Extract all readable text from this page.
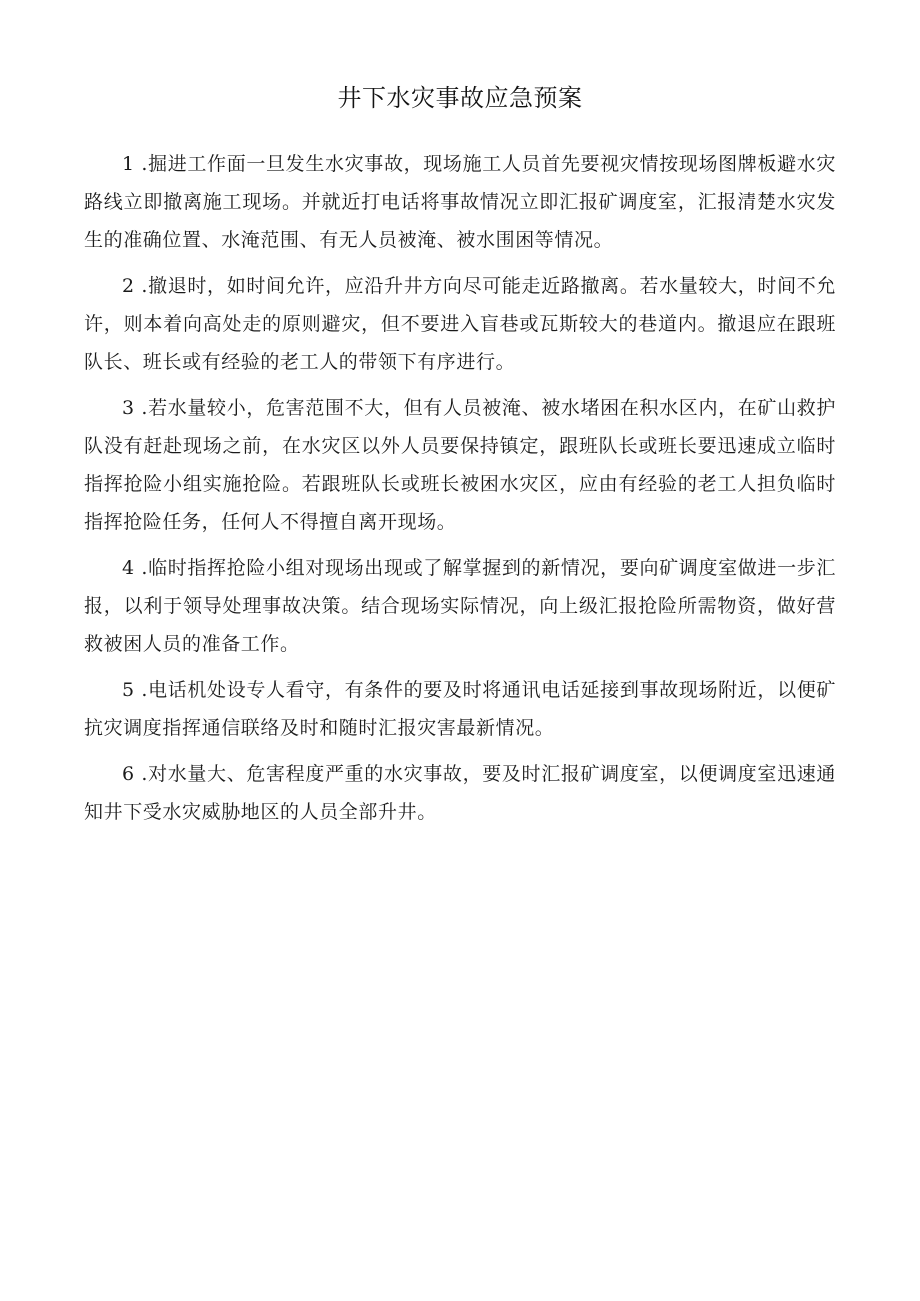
井下水灾事故应急预案

1 .掘进工作面一旦发生水灾事故，现场施工人员首先要视灾情按现场图牌板避水灾路线立即撤离施工现场。并就近打电话将事故情况立即汇报矿调度室，汇报清楚水灾发生的准确位置、水淹范围、有无人员被淹、被水围困等情况。

2 .撤退时，如时间允许，应沿升井方向尽可能走近路撤离。若水量较大，时间不允许，则本着向高处走的原则避灾，但不要进入盲巷或瓦斯较大的巷道内。撤退应在跟班队长、班长或有经验的老工人的带领下有序进行。

3 .若水量较小，危害范围不大，但有人员被淹、被水堵困在积水区内，在矿山救护队没有赶赴现场之前，在水灾区以外人员要保持镇定，跟班队长或班长要迅速成立临时指挥抢险小组实施抢险。若跟班队长或班长被困水灾区，应由有经验的老工人担负临时指挥抢险任务，任何人不得擅自离开现场。

4 .临时指挥抢险小组对现场出现或了解掌握到的新情况，要向矿调度室做进一步汇报，以利于领导处理事故决策。结合现场实际情况，向上级汇报抢险所需物资，做好营救被困人员的准备工作。

5 .电话机处设专人看守，有条件的要及时将通讯电话延接到事故现场附近，以便矿抗灾调度指挥通信联络及时和随时汇报灾害最新情况。

6 .对水量大、危害程度严重的水灾事故，要及时汇报矿调度室，以便调度室迅速通知井下受水灾威胁地区的人员全部升井。
